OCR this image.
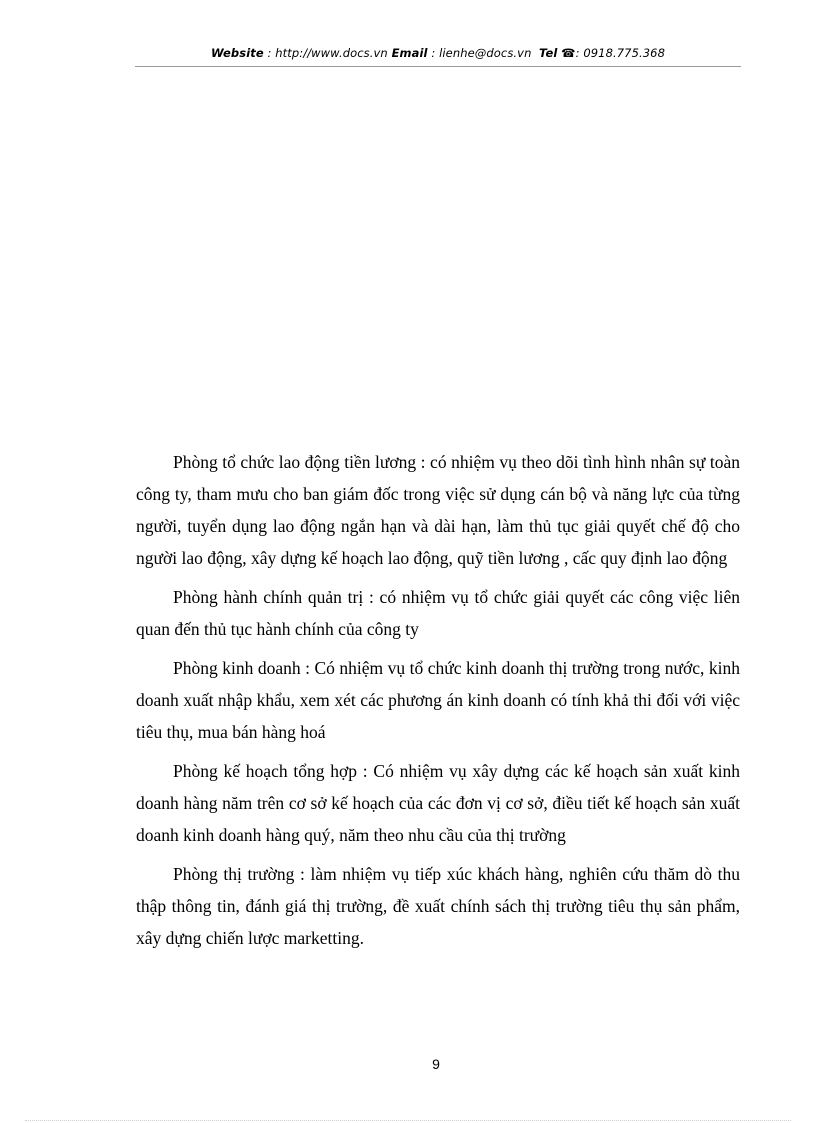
Website : http://www.docs.vn Email : lienhe@docs.vn Tel ☎: 0918.775.368

Phòng tổ chức lao động tiền lương : có nhiệm vụ theo dõi tình hình nhân sự toàn công ty, tham mưu cho ban giám đốc trong việc sử dụng cán bộ và năng lực của từng người, tuyển dụng lao động ngắn hạn và dài hạn, làm thủ tục giải quyết chế độ cho người lao động, xây dựng kế hoạch lao động, quỹ tiền lương , cấc quy định lao động

Phòng hành chính quản trị : có nhiệm vụ tổ chức giải quyết các công việc liên quan đến thủ tục hành chính của công ty

Phòng kinh doanh : Có nhiệm vụ tổ chức kinh doanh thị trường trong nước, kinh doanh xuất nhập khẩu, xem xét các phương án kinh doanh có tính khả thi đối với việc tiêu thụ, mua bán hàng hoá

Phòng kế hoạch tổng hợp : Có nhiệm vụ xây dựng các kế hoạch sản xuất kinh doanh hàng năm trên cơ sở kế hoạch của các đơn vị cơ sở, điều tiết kế hoạch sản xuất doanh kinh doanh hàng quý, năm theo nhu cầu của thị trường

Phòng thị trường : làm nhiệm vụ tiếp xúc khách hàng, nghiên cứu thăm dò thu thập thông tin, đánh giá thị trường, đề xuất chính sách thị trường tiêu thụ sản phẩm, xây dựng chiến lược marketting.

9
